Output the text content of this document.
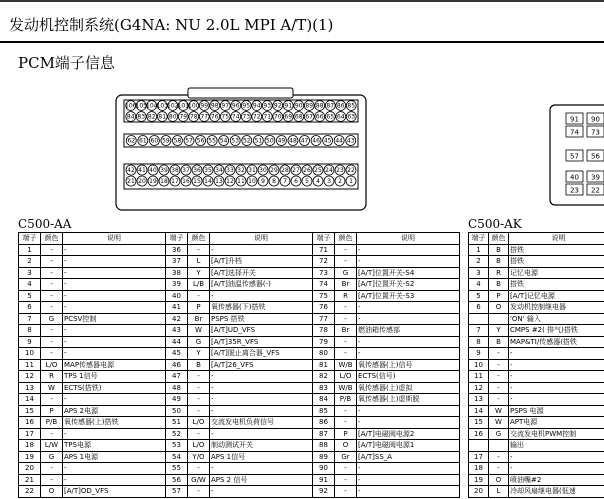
发动机控制系统(G4NA: NU 2.0L MPI A/T)(1)
PCM端子信息
106 105 104 103 102 101 100 99 98 97 96 95 94 93 92 91 90 89 88 87 86 85
84 83 82 81 80 79 78 77 76 75 74 73 72 71 70 69 68 67 66 65 64 63
62 61 60 59 58 57 56 55 54 53 52 51 50 49 48 47 46 45 44 43
42 41 40 39 38 37 36 35 34 33 32 31 30 29 28 27 26 25 24 23 22
21 20 19 18 17 16 15 14 13 12 11 10 9 8 7 6 5 4 3 2 1
91 90
74 73
57 56
40 39
23 22
C500-AA	C500-AK
端子	颜色	说明	端子	颜色	说明	端子	颜色	说明
1	-	-	36	-	-	71	-	-
2	-	-	37	L	[A/T]升档	72	-	-
3	-	-	38	Y	[A/T]选择开关	73	G	[A/T]位置开关-S4
4	-	-	39	L/B	[A/T]油温传感器(-)	74	Br	[A/T]位置开关-S2
5	-	-	40	-	-	75	R	[A/T]位置开关-S3
6	-	-	41	P	氧传感器(下)搭铁	76	-	-
7	G	PCSV控制	42	Br	PSPS 搭铁	77	-	-
8	-	-	43	W	[A/T]UD_VFS	78	Br	燃油箱传感部
9	-	-	44	G	[A/T]35R_VFS	79	-	-
10	-	-	45	Y	[A/T]脱止离合器_VFS	80	-	-
11	L/O	MAP传感器电源	46	B	[A/T]26_VFS	81	W/B	氧传感器(上)信号
12	R	TPS 1信号	47	-	-	82	L/O	ECTS(信号)
13	W	ECTS(搭铁)	48	-	-	83	W/B	氧传感器(上)虚拟
14	-	-	49	-	-	84	P/B	氧传感器(上)虚斯脱
15	P	APS 2电源	50	-	-	85	-	-
16	P/B	氧传感器(上)搭铁	51	L/O	交流发电机负荷信号	86	-	-
17	-	-	52	-	-	87	P	[A/T]电磁阀电源2
18	L/W	TPS电源	53	L/O	制动测试开关	88	O	[A/T]电磁阀电源1
19	G	APS 1电源	54	Y/O	APS 1信号	89	Gr	[A/T]SS_A
20	-	-	55	-	-	90	-	-
21	-	-	56	G/W	APS 2 信号	91	-	-
22	O	[A/T]OD_VFS	57	-	-	92	-	-
端子	颜色	说明
1	B	搭铁
2	B	搭铁
3	R	记忆电源
4	B	搭铁
5	P	[A/T]记忆电源
6	O	发动机控制继电器
		'ON' 输入
7	Y	CMPS #2( 排气)搭铁
8	B	MAP&TI/传感器(搭铁
9	-	-
10	-	-
11	-	-
12	-	-
13	-	-
14	W	PSPS 电源
15	W	APT电源
16	G	交流发电机PWM控制
		输出
17	-	-
18	-	-
19	O	喷油嘴#2
20	L	冷却风扇继电器(低速
